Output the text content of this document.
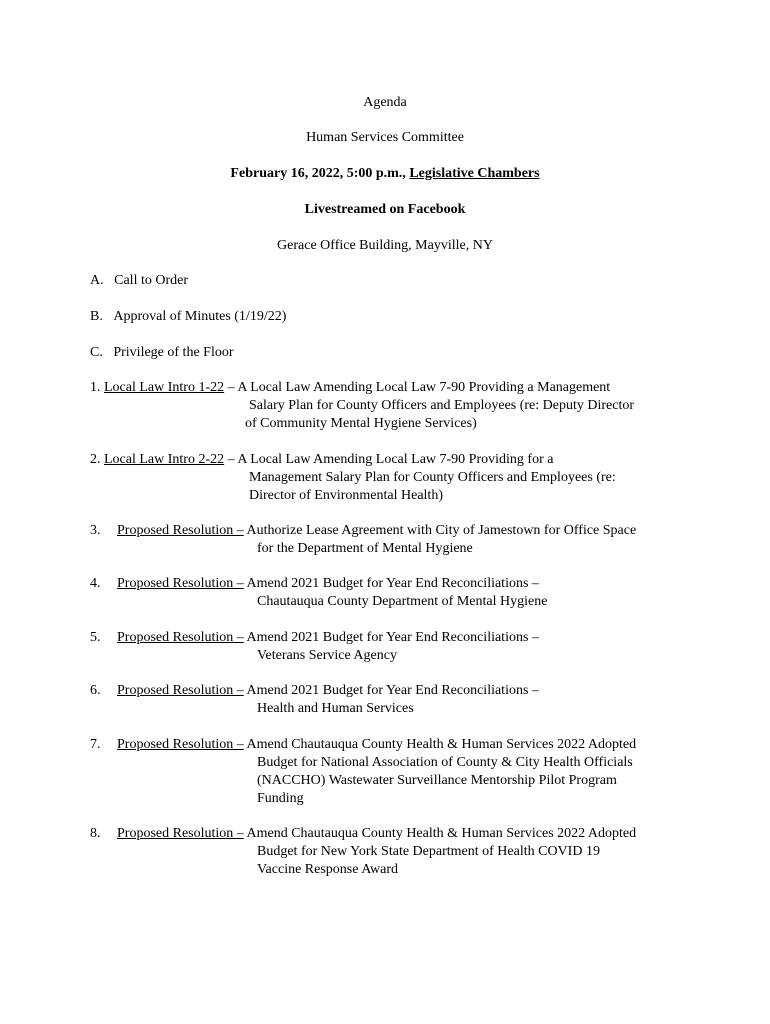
Agenda
Human Services Committee
February 16, 2022, 5:00 p.m., Legislative Chambers
Livestreamed on Facebook
Gerace Office Building, Mayville, NY
A. Call to Order
B. Approval of Minutes (1/19/22)
C. Privilege of the Floor
1. Local Law Intro 1-22 – A Local Law Amending Local Law 7-90 Providing a Management
Salary Plan for County Officers and Employees (re: Deputy Director
of Community Mental Hygiene Services)
2. Local Law Intro 2-22 – A Local Law Amending Local Law 7-90 Providing for a
Management Salary Plan for County Officers and Employees (re:
Director of Environmental Health)
3. Proposed Resolution – Authorize Lease Agreement with City of Jamestown for Office Space
for the Department of Mental Hygiene
4. Proposed Resolution – Amend 2021 Budget for Year End Reconciliations –
Chautauqua County Department of Mental Hygiene
5. Proposed Resolution – Amend 2021 Budget for Year End Reconciliations –
Veterans Service Agency
6. Proposed Resolution – Amend 2021 Budget for Year End Reconciliations –
Health and Human Services
7. Proposed Resolution – Amend Chautauqua County Health & Human Services 2022 Adopted
Budget for National Association of County & City Health Officials
(NACCHO) Wastewater Surveillance Mentorship Pilot Program
Funding
8. Proposed Resolution – Amend Chautauqua County Health & Human Services 2022 Adopted
Budget for New York State Department of Health COVID 19
Vaccine Response Award
